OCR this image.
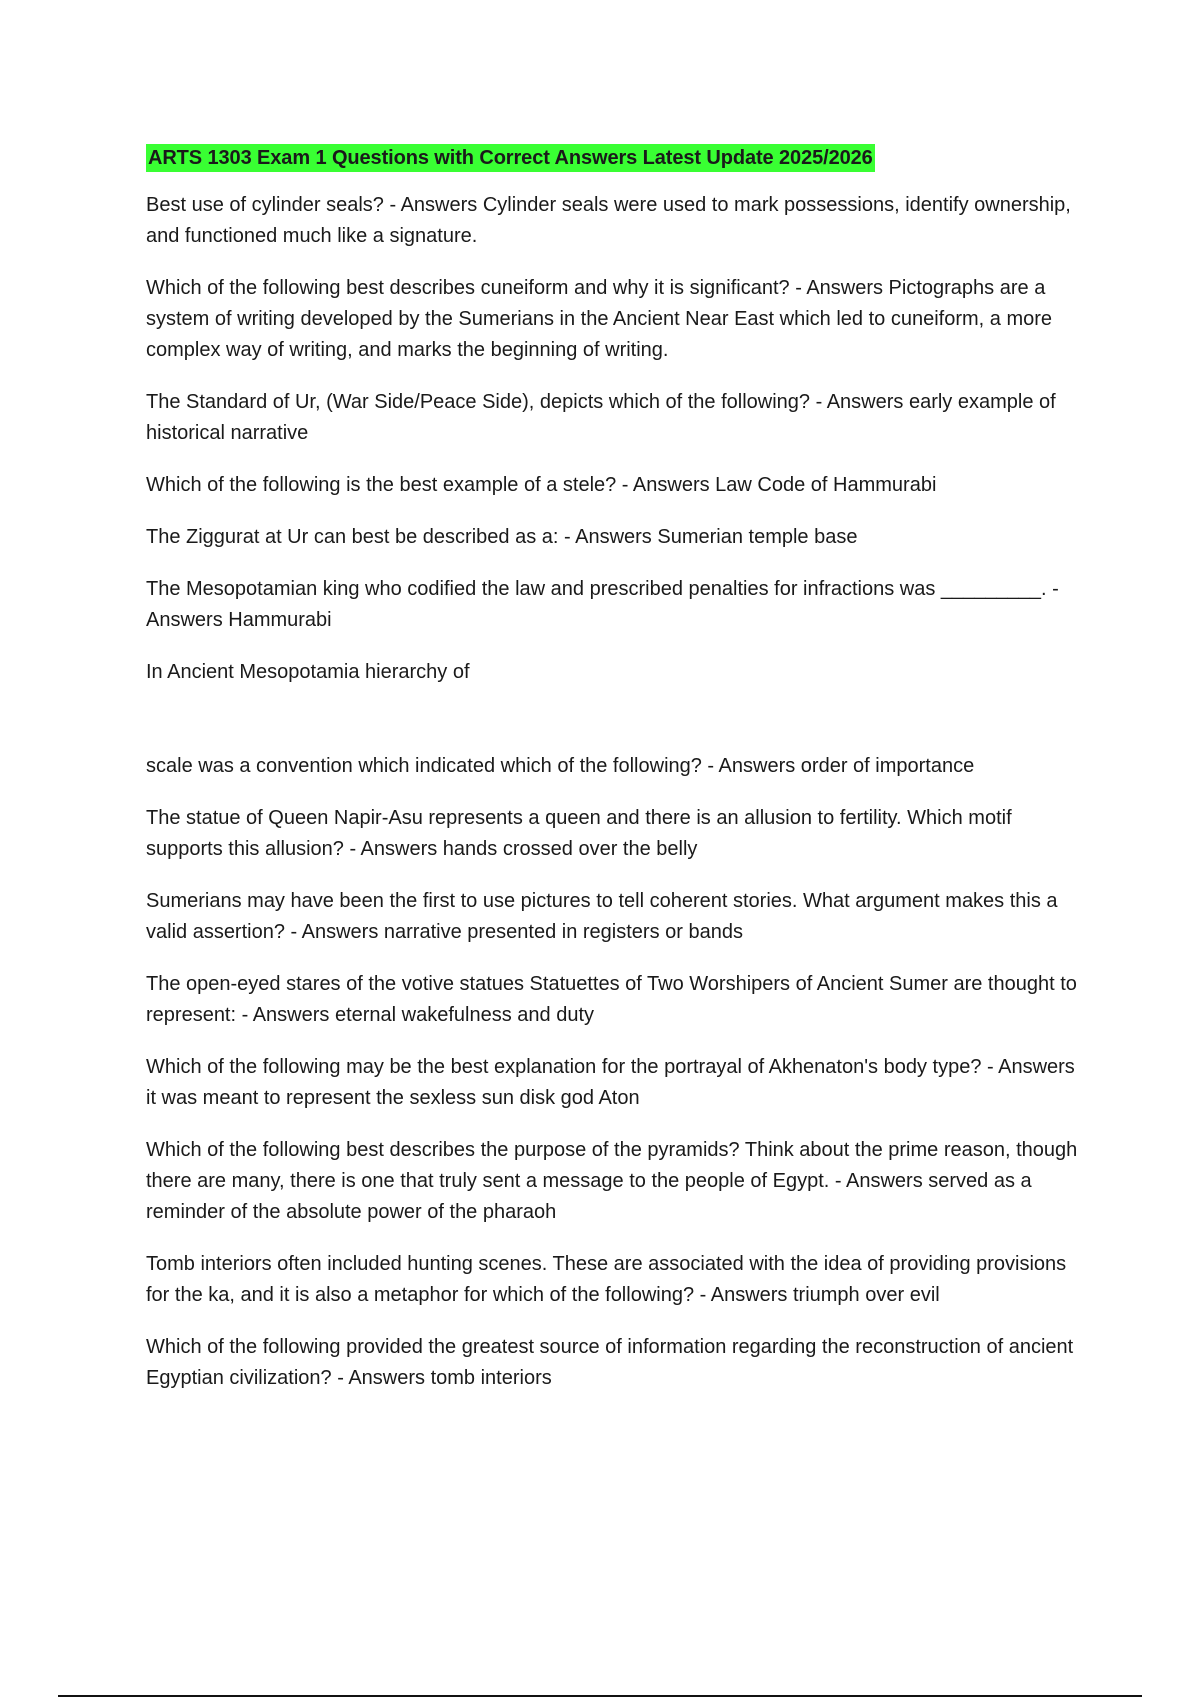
ARTS 1303 Exam 1 Questions with Correct Answers Latest Update 2025/2026

Best use of cylinder seals? - Answers Cylinder seals were used to mark possessions, identify ownership, and functioned much like a signature.

Which of the following best describes cuneiform and why it is significant? - Answers Pictographs are a system of writing developed by the Sumerians in the Ancient Near East which led to cuneiform, a more complex way of writing, and marks the beginning of writing.

The Standard of Ur, (War Side/Peace Side), depicts which of the following? - Answers early example of historical narrative

Which of the following is the best example of a stele? - Answers Law Code of Hammurabi

The Ziggurat at Ur can best be described as a: - Answers Sumerian temple base

The Mesopotamian king who codified the law and prescribed penalties for infractions was _________. - Answers Hammurabi

In Ancient Mesopotamia hierarchy of

scale was a convention which indicated which of the following? - Answers order of importance

The statue of Queen Napir-Asu represents a queen and there is an allusion to fertility. Which motif supports this allusion? - Answers hands crossed over the belly

Sumerians may have been the first to use pictures to tell coherent stories. What argument makes this a valid assertion? - Answers narrative presented in registers or bands

The open-eyed stares of the votive statues Statuettes of Two Worshipers of Ancient Sumer are thought to represent: - Answers eternal wakefulness and duty

Which of the following may be the best explanation for the portrayal of Akhenaton's body type? - Answers it was meant to represent the sexless sun disk god Aton

Which of the following best describes the purpose of the pyramids? Think about the prime reason, though there are many, there is one that truly sent a message to the people of Egypt. - Answers served as a reminder of the absolute power of the pharaoh

Tomb interiors often included hunting scenes. These are associated with the idea of providing provisions for the ka, and it is also a metaphor for which of the following? - Answers triumph over evil

Which of the following provided the greatest source of information regarding the reconstruction of ancient Egyptian civilization? - Answers tomb interiors
